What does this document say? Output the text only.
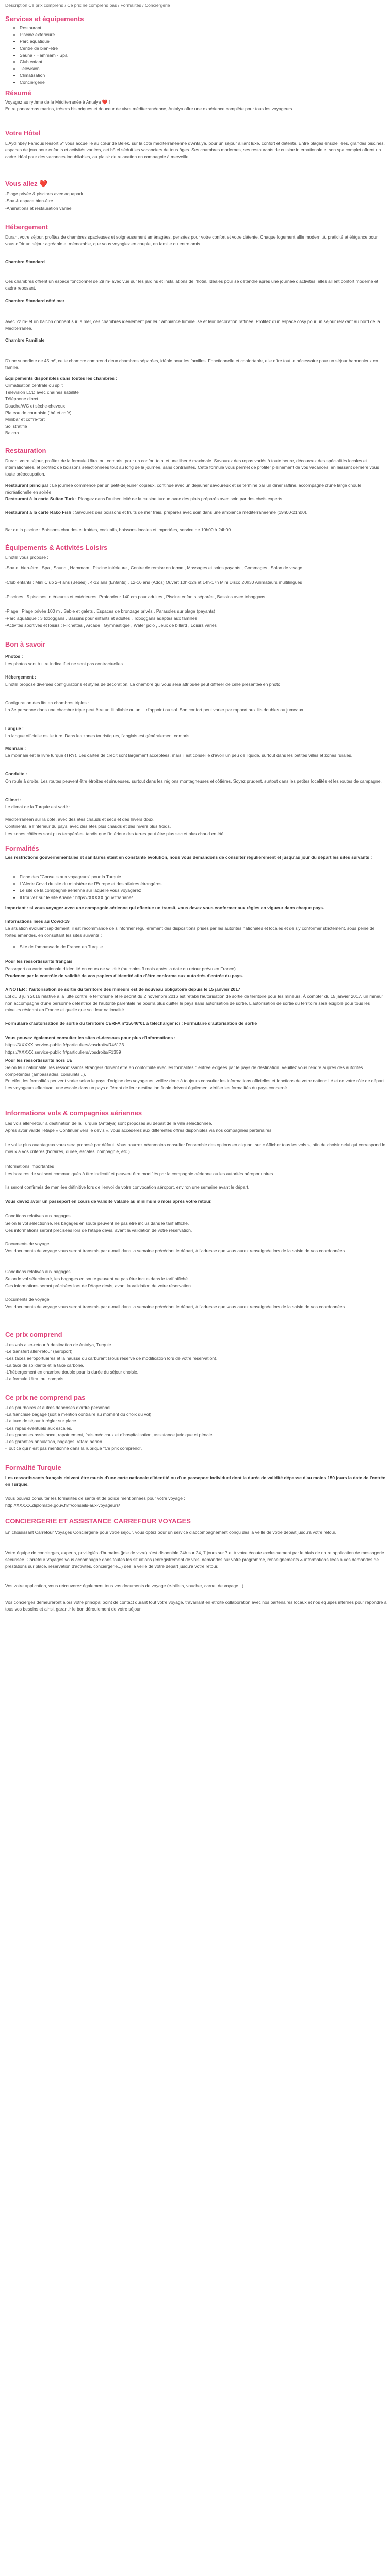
Description Ce prix comprend / Ce prix ne comprend pas / Formalités / Conciergerie
Services et équipements
• Restaurant
• Piscine extérieure
• Parc aquatique
• Centre de bien-être
• Sauna - Hammam - Spa
• Club enfant
• Télévision
• Climatisation
• Conciergerie
Résumé

Voyagez au rythme de la Méditerranée à Antalya ❤️ !

Entre panoramas marins, trésors historiques et douceur de vivre méditerranéenne, Antalya offre une expérience complète pour tous les voyageurs.

Votre Hôtel

L'Aydınbey Famous Resort 5* vous accueille au cœur de Belek, sur la côte méditerranéenne d'Antalya, pour un séjour alliant luxe, confort et détente. Entre plages ensoleillées, grandes piscines, espaces de jeux pour enfants et activités variées, cet hôtel séduit les vacanciers de tous âges. Ses chambres modernes, ses restaurants de cuisine internationale et son spa complet offrent un cadre idéal pour des vacances inoubliables, au plaisir de relaxation en compagnie à merveille.

Vous allez ❤️

-Plage privée & piscines avec aquapark

-Spa & espace bien-être

-Animations et restauration variée

Hébergement

Durant votre séjour, profitez de chambres spacieuses et soigneusement aménagées, pensées pour votre confort et votre détente. Chaque logement allie modernité, praticité et élégance pour vous offrir un séjour agréable et mémorable, que vous voyagiez en couple, en famille ou entre amis.

Chambre Standard

Ces chambres offrent un espace fonctionnel de 29 m² avec vue sur les jardins et installations de l'hôtel. Idéales pour se détendre après une journée d'activités, elles allient confort moderne et cadre reposant.

Chambre Standard côté mer

Avec 22 m² et un balcon donnant sur la mer, ces chambres idéalement par leur ambiance lumineuse et leur décoration raffinée. Profitez d'un espace cosy pour un séjour relaxant au bord de la Méditerranée.

Chambre Familiale

D'une superficie de 45 m², cette chambre comprend deux chambres séparées, idéale pour les familles. Fonctionnelle et confortable, elle offre tout le nécessaire pour un séjour harmonieux en famille.

Équipements disponibles dans toutes les chambres :

Climatisation centrale ou split

Télévision LCD avec chaînes satellite

Téléphone direct

Douche/WC et sèche-cheveux

Plateau de courtoisie (thé et café)

Minibar et coffre-fort

Sol stratifié

Balcon

Restauration

Durant votre séjour, profitez de la formule Ultra tout compris, pour un confort total et une liberté maximale. Savourez des repas variés à toute heure, découvrez des spécialités locales et internationales, et profitez de boissons sélectionnées tout au long de la journée, sans contraintes. Cette formule vous permet de profiter pleinement de vos vacances, en laissant derrière vous toute préoccupation.

Restaurant principal : Le journée commence par un petit-déjeuner copieux, continue avec un déjeuner savoureux et se termine par un dîner raffiné, accompagné d'une large choule récréationelle en soirée.

Restaurant à la carte Sultan Turk : Plongez dans l'authenticité de la cuisine turque avec des plats préparés avec soin par des chefs experts.

Restaurant à la carte Rako Fish : Savourez des poissons et fruits de mer frais, préparés avec soin dans une ambiance méditerranéenne (19h00-21h00).

Bar de la piscine : Boissons chaudes et froides, cocktails, boissons locales et importées, service de 10h00 à 24h00.

Équipements & Activités Loisirs

L'hôtel vous propose :

-Spa et bien-être : Spa , Sauna , Hammam , Piscine intérieure , Centre de remise en forme , Massages et soins payants , Gommages , Salon de visage

-Club enfants : Mini Club 2-4 ans (Bébés) , 4-12 ans (Enfants) , 12-16 ans (Ados) Ouvert 10h-12h et 14h-17h Mini Disco 20h30 Animateurs multilingues

-Piscines : 5 piscines intérieures et extérieures, Profondeur 140 cm pour adultes , Piscine enfants séparée , Bassins avec toboggans

-Plage : Plage privée 100 m , Sable et galets , Espaces de bronzage privés , Parasoles sur plage (payants)

-Parc aquatique : 3 toboggans , Bassins pour enfants et adultes , Toboggans adaptés aux familles

-Activités sportives et loisirs : Pilchettes , Arcade , Gymnastique , Water polo , Jeux de billard , Loisirs variés

Bon à savoir

Photos :

Les photos sont à titre indicatif et ne sont pas contractuelles.

Hébergement :

L'hôtel propose diverses configurations et styles de décoration. La chambre qui vous sera attribuée peut différer de celle présentée en photo.

Configuration des lits en chambres triples :

La 3e personne dans une chambre triple peut être un lit pliable ou un lit d'appoint ou sol. Son confort peut varier par rapport aux lits doubles ou jumeaux.

Langue :

La langue officielle est le turc. Dans les zones touristiques, l'anglais est généralement compris.

Monnaie :

La monnaie est la livre turque (TRY). Les cartes de crédit sont largement acceptées, mais il est conseillé d'avoir un peu de liquide, surtout dans les petites villes et zones rurales.

Conduite :

On roule à droite. Les routes peuvent être étroites et sinueuses, surtout dans les régions montagneuses et côtières. Soyez prudent, surtout dans les petites localités et les routes de campagne.

Climat :

Le climat de la Turquie est varié :

Méditerranéen sur la côte, avec des étés chauds et secs et des hivers doux.

Continental à l'intérieur du pays, avec des étés plus chauds et des hivers plus froids.

Les zones côtières sont plus tempérées, tandis que l'intérieur des terres peut être plus sec et plus chaud en été.

Formalités

Les restrictions gouvernementales et sanitaires étant en constante évolution, nous vous demandons de consulter régulièrement et jusqu'au jour du départ les sites suivants :

• Fiche des "Conseils aux voyageurs" pour la Turquie
• L'Alerte Covid du site du ministère de l'Europe et des affaires étrangères
• Le site de la compagnie aérienne sur laquelle vous voyagerez
• Il trouvez sur le site Ariane : https://XXXXX.gouv.fr/ariane/

Important : si vous voyagez avec une compagnie aérienne qui effectue un transit, vous devez vous conformer aux règles en vigueur dans chaque pays.

Informations liées au Covid-19

La situation évoluant rapidement, il est recommandé de s'informer régulièrement des dispositions prises par les autorités nationales et locales et de s'y conformer strictement, sous peine de fortes amendes, en consultant les sites suivants :

• Site de l'ambassade de France en Turquie

Pour les ressortissants français

Passeport ou carte nationale d'identité en cours de validité (au moins 3 mois après la date du retour prévu en France).

Prudence par le contrôle de validité de vos papiers d'identité afin d'être conforme aux autorités d'entrée du pays.

A NOTER : l'autorisation de sortie du territoire des mineurs est de nouveau obligatoire depuis le 15 janvier 2017

Lol du 3 juin 2016 relative à la lutte contre le terrorisme et le décret du 2 novembre 2016 est rétabli l'autorisation de sortie de territoire pour les mineurs. À compter du 15 janvier 2017, un mineur non accompagné d'une personne détentrice de l'autorité parentale ne pourra plus quitter le pays sans autorisation de sortie. L'autorisation de sortie du territoire sera exigible pour tous les mineurs résidant en France et quelle que soit leur nationalité.

Formulaire d'autorisation de sortie du territoire CERFA n°15646*01 à télécharger ici : Formulaire d'autorisation de sortie

Vous pouvez également consulter les sites ci-dessous pour plus d'informations :

https://XXXXX.service-public.fr/particuliers/vosdroits/R46123

https://XXXXX.service-public.fr/particuliers/vosdroits/F1359

Pour les ressortissants hors UE

Selon leur nationalité, les ressortissants étrangers doivent être en conformité avec les formalités d'entrée exigées par le pays de destination. Veuillez vous rendre auprès des autorités compétentes (ambassades, consulats...).

En effet, les formalités peuvent varier selon le pays d'origine des voyageurs, veillez donc à toujours consulter les informations officielles et fonctions de votre nationalité et de votre rôle de départ. Les voyageurs effectuant une escale dans un pays différent de leur destination finale doivent également vérifier les formalités du pays concerné.

Informations vols & compagnies aériennes

Les vols aller-retour à destination de la Turquie (Antalya) sont proposés au départ de la ville sélectionnée.

Après avoir validé l'étape « Continuer vers le devis », vous accéderez aux différentes offres disponibles via nos compagnies partenaires.

Le vol le plus avantageux vous sera proposé par défaut. Vous pourrez néanmoins consulter l'ensemble des options en cliquant sur « Afficher tous les vols », afin de choisir celui qui correspond le mieux à vos critères (horaires, durée, escales, compagnie, etc.).

Informations importantes

Les horaires de vol sont communiqués à titre indicatif et peuvent être modifiés par la compagnie aérienne ou les autorités aéroportuaires.

Ils seront confirmés de manière définitive lors de l'envoi de votre convocation aéroport, environ une semaine avant le départ.

Vous devez avoir un passeport en cours de validité valable au minimum 6 mois après votre retour.

Conditions relatives aux bagages

Selon le vol sélectionné, les bagages en soute peuvent ne pas être inclus dans le tarif affiché.

Ces informations seront précisées lors de l'étape devis, avant la validation de votre réservation.

Documents de voyage

Vos documents de voyage vous seront transmis par e-mail dans la semaine précédant le départ, à l'adresse que vous aurez renseignée lors de la saisie de vos coordonnées.

Conditions relatives aux bagages

Selon le vol sélectionné, les bagages en soute peuvent ne pas être inclus dans le tarif affiché.

Ces informations seront précisées lors de l'étape devis, avant la validation de votre réservation.

Documents de voyage

Vos documents de voyage vous seront transmis par e-mail dans la semaine précédant le départ, à l'adresse que vous aurez renseignée lors de la saisie de vos coordonnées.

Ce prix comprend

-Les vols aller-retour à destination de Antalya, Turquie.

-Le transfert aller-retour (aéroport)

-Les taxes aéroportuaires et la hausse du carburant (sous réserve de modification lors de votre réservation).

-La taxe de solidarité et la taxe carbone.

-L'hébergement en chambre double pour la durée du séjour choisie.

-La formule Ultra tout compris.

Ce prix ne comprend pas

-Les pourboires et autres dépenses d'ordre personnel.

-La franchise bagage (soit à mention contraire au moment du choix du vol).

-La taxe de séjour à régler sur place.

-Les repas éventuels aux escales.

-Les garanties assistance, rapatriement, frais médicaux et d'hospitalisation, assistance juridique et pénale.

-Les garanties annulation, bagages, retard aérien.

-Tout ce qui n'est pas mentionné dans la rubrique "Ce prix comprend".

Formalité Turquie

Les ressortissants français doivent être munis d'une carte nationale d'identité ou d'un passeport individuel dont la durée de validité dépasse d'au moins 150 jours la date de l'entrée en Turquie.

Vous pouvez consulter les formalités de santé et de police mentionnées pour votre voyage :

http://XXXXX.diplomatie.gouv.fr/fr/conseils-aux-voyageurs/

CONCIERGERIE ET ASSISTANCE CARREFOUR VOYAGES

En choisissant Carrefour Voyages Conciergerie pour votre séjour, vous optez pour un service d'accompagnement conçu dès la veille de votre départ jusqu'à votre retour.

Votre équipe de concierges, experts, privilégiés d'humains (joie de vivre) s'est disponible 24h sur 24, 7 jours sur 7 et à votre écoute exclusivement par le biais de notre application de messagerie sécurisée. Carrefour Voyages vous accompagne dans toutes les situations (enregistrement de vols, demandes sur votre programme, renseignements & informations liées à vos demandes de prestations sur place, réservation d'activités, conciergerie...) dès la veille de votre départ jusqu'à votre retour.

Vos votre application, vous retrouverez également tous vos documents de voyage (e-billets, voucher, carnet de voyage...).

Vos concierges demeureront alors votre principal point de contact durant tout votre voyage, travaillant en étroite collaboration avec nos partenaires locaux et nos équipes internes pour répondre à tous vos besoins et ainsi, garantir le bon déroulement de votre séjour.
